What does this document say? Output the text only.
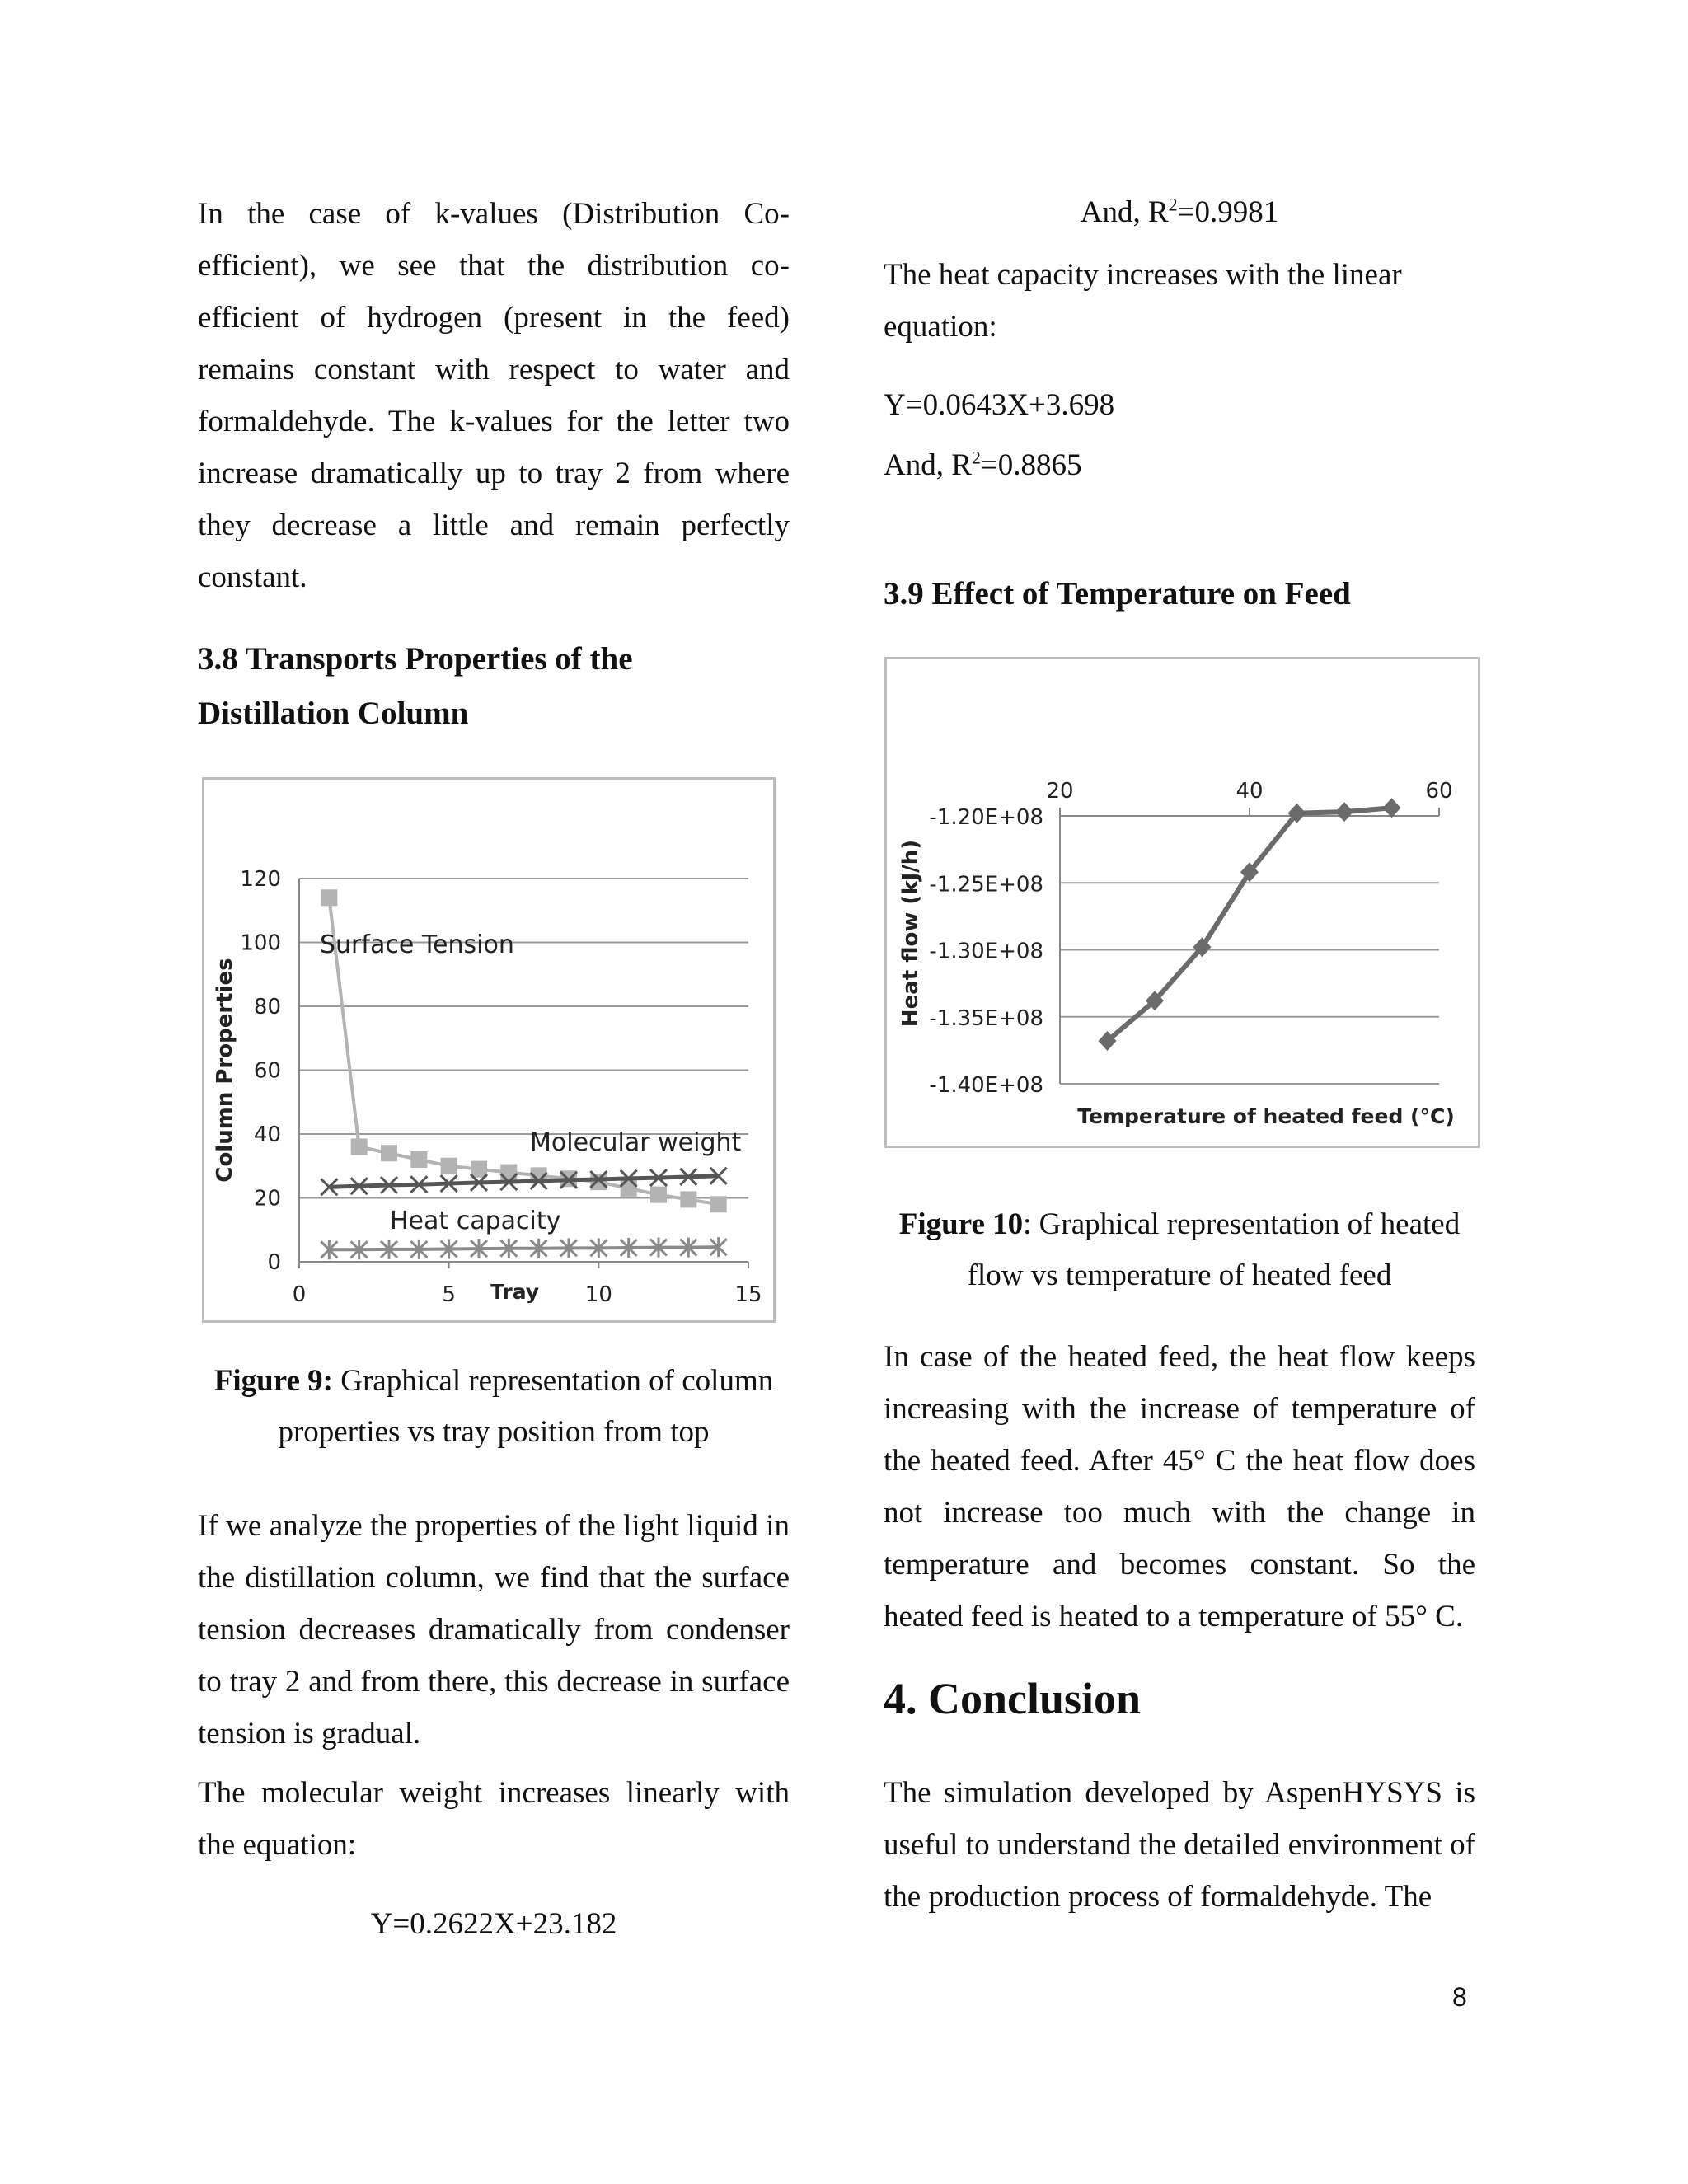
In the case of k-values (Distribution Co-efficient), we see that the distribution co-efficient of hydrogen (present in the feed) remains constant with respect to water and formaldehyde. The k-values for the letter two increase dramatically up to tray 2 from where they decrease a little and remain perfectly constant.

3.8 Transports Properties of the
Distillation Column
0
20
40
60
80
100
120
0	5	10	15
Tray
Column Properties
Surface Tension
Molecular weight
Heat capacity
Figure 9: Graphical representation of column properties vs tray position from top

If we analyze the properties of the light liquid in the distillation column, we find that the surface tension decreases dramatically from condenser to tray 2 and from there, this decrease in surface tension is gradual.

The molecular weight increases linearly with the equation:

Y=0.2622X+23.182
And, $R^2=0.9981$

The heat capacity increases with the linear equation:

Y=0.0643X+3.698
And, $R^2=0.8865$
3.9 Effect of Temperature on Feed
-1.20E+08
-1.25E+08
-1.30E+08
-1.35E+08
-1.40E+08
20	40	60
Temperature of heated feed (°C)
Heat flow (kJ/h)
Figure 10: Graphical representation of heated flow vs temperature of heated feed

In case of the heated feed, the heat flow keeps increasing with the increase of temperature of the heated feed. After 45° C the heat flow does not increase too much with the change in temperature and becomes constant. So the heated feed is heated to a temperature of 55° C.

4. Conclusion

The simulation developed by AspenHYSYS is useful to understand the detailed environment of the production process of formaldehyde. The

8
